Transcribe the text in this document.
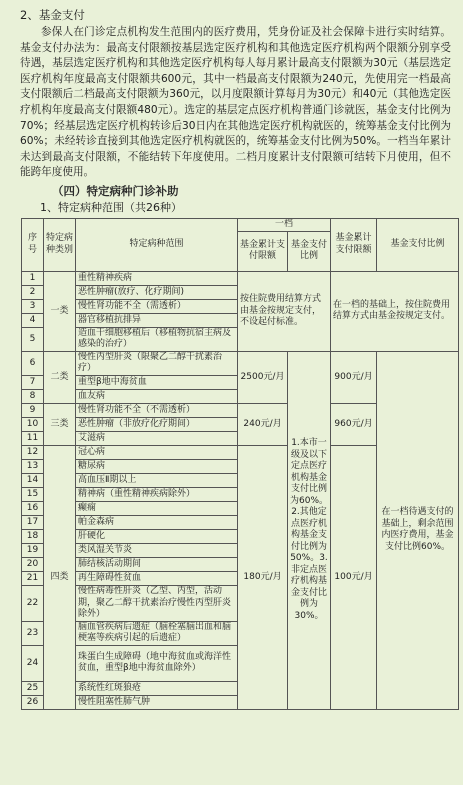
2、基金支付
参保人在门诊定点机构发生范围内的医疗费用，凭身份证及社会保障卡进行实时结算。基金支付办法为：最高支付限额按基层选定医疗机构和其他选定医疗机构两个限额分别享受待遇，基层选定医疗机构和其他选定医疗机构每人每月累计最高支付限额为30元（基层选定医疗机构年度最高支付限额共600元，其中一档最高支付限额为240元，先使用完一档最高支付限额后二档最高支付限额为360元，以月度限额计算每月为30元）和40元（其他选定医疗机构年度最高支付限额480元）。选定的基层定点医疗机构普通门诊就医，基金支付比例为70%；经基层选定医疗机构转诊后30日内在其他选定医疗机构就医的，统筹基金支付比例为60%；未经转诊直接到其他选定医疗机构就医的，统筹基金支付比例为50%。一档当年累计未达到最高支付限额，不能结转下年度使用。二档月度累计支付限额可结转下月使用，但不能跨年度使用。
（四）特定病种门诊补助
1、特定病种范围（共26种）
序号	特定病种类别	特定病种范围	一档		基金累计支付限额	基金支付比例
			基金累计支付限额	基金支付比例		
1	一类	重性精神疾病	按住院费用结算方式由基金按规定支付，不设起付标准。		在一档的基础上，按住院费用结算方式由基金按规定支付。	
2		恶性肿瘤(放疗、化疗期间)				
3		慢性肾功能不全（需透析）				
4		器官移植抗排异				
5		造血干细胞移植后（移植物抗宿主病及感染的治疗）				
6	二类	慢性丙型肝炎（限聚乙二醇干扰素治疗）	2500元/月	1.本市一级及以下定点医疗机构基金支付比例为60%。2.其他定点医疗机构基金支付比例为50%。3.非定点医疗机构基金支付比例为30%。	900元/月	在一档待遇支付的基础上，剩余范围内医疗费用，基金支付比例60%。
7		重型β地中海贫血				
8		血友病				
9	三类	慢性肾功能不全（不需透析）	240元/月		960元/月	
10		恶性肿瘤（非放疗化疗期间）				
11		艾滋病				
12	四类	冠心病	180元/月		100元/月	
13		糖尿病				
14		高血压Ⅱ期以上				
15		精神病（重性精神疾病除外）				
16		癫痫				
17		帕金森病				
18		肝硬化				
19		类风湿关节炎				
20		肺结核活动期间				
21		再生障碍性贫血				
22		慢性病毒性肝炎（乙型、丙型，活动期，聚乙二醇干扰素治疗慢性丙型肝炎除外）				
23		脑血管疾病后遗症（脑栓塞脑出血和脑梗塞等疾病引起的后遗症）				
24		珠蛋白生成障碍（地中海贫血或海洋性贫血，重型β地中海贫血除外）				
25		系统性红斑狼疮				
26		慢性阻塞性肺气肿				
